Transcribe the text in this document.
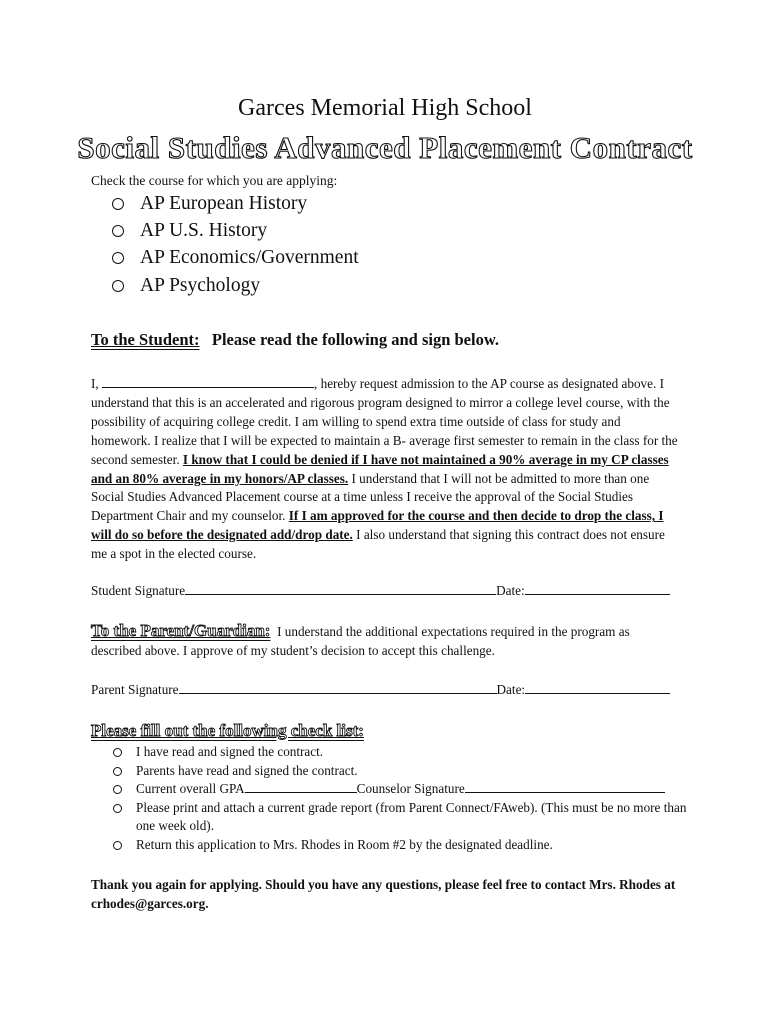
Garces Memorial High School
Social Studies Advanced Placement Contract
Check the course for which you are applying:
AP European History
AP U.S. History
AP Economics/Government
AP Psychology
To the Student: Please read the following and sign below.
I,	, hereby request admission to the AP course as designated above. I understand that this is an accelerated and rigorous program designed to mirror a college level course, with the possibility of acquiring college credit. I am willing to spend extra time outside of class for study and homework. I realize that I will be expected to maintain a B- average first semester to remain in the class for the second semester. I know that I could be denied if I have not maintained a 90% average in my CP classes and an 80% average in my honors/AP classes. I understand that I will not be admitted to more than one Social Studies Advanced Placement course at a time unless I receive the approval of the Social Studies Department Chair and my counselor. If I am approved for the course and then decide to drop the class, I will do so before the designated add/drop date. I also understand that signing this contract does not ensure me a spot in the elected course.
Student Signature	Date:
To the Parent/Guardian: I understand the additional expectations required in the program as described above. I approve of my student’s decision to accept this challenge.
Parent Signature	Date:
Please fill out the following check list:
I have read and signed the contract.
Parents have read and signed the contract.
Current overall GPA	Counselor Signature
Please print and attach a current grade report (from Parent Connect/FAweb). (This must be no more than one week old).
Return this application to Mrs. Rhodes in Room #2 by the designated deadline.
Thank you again for applying. Should you have any questions, please feel free to contact Mrs. Rhodes at crhodes@garces.org.
